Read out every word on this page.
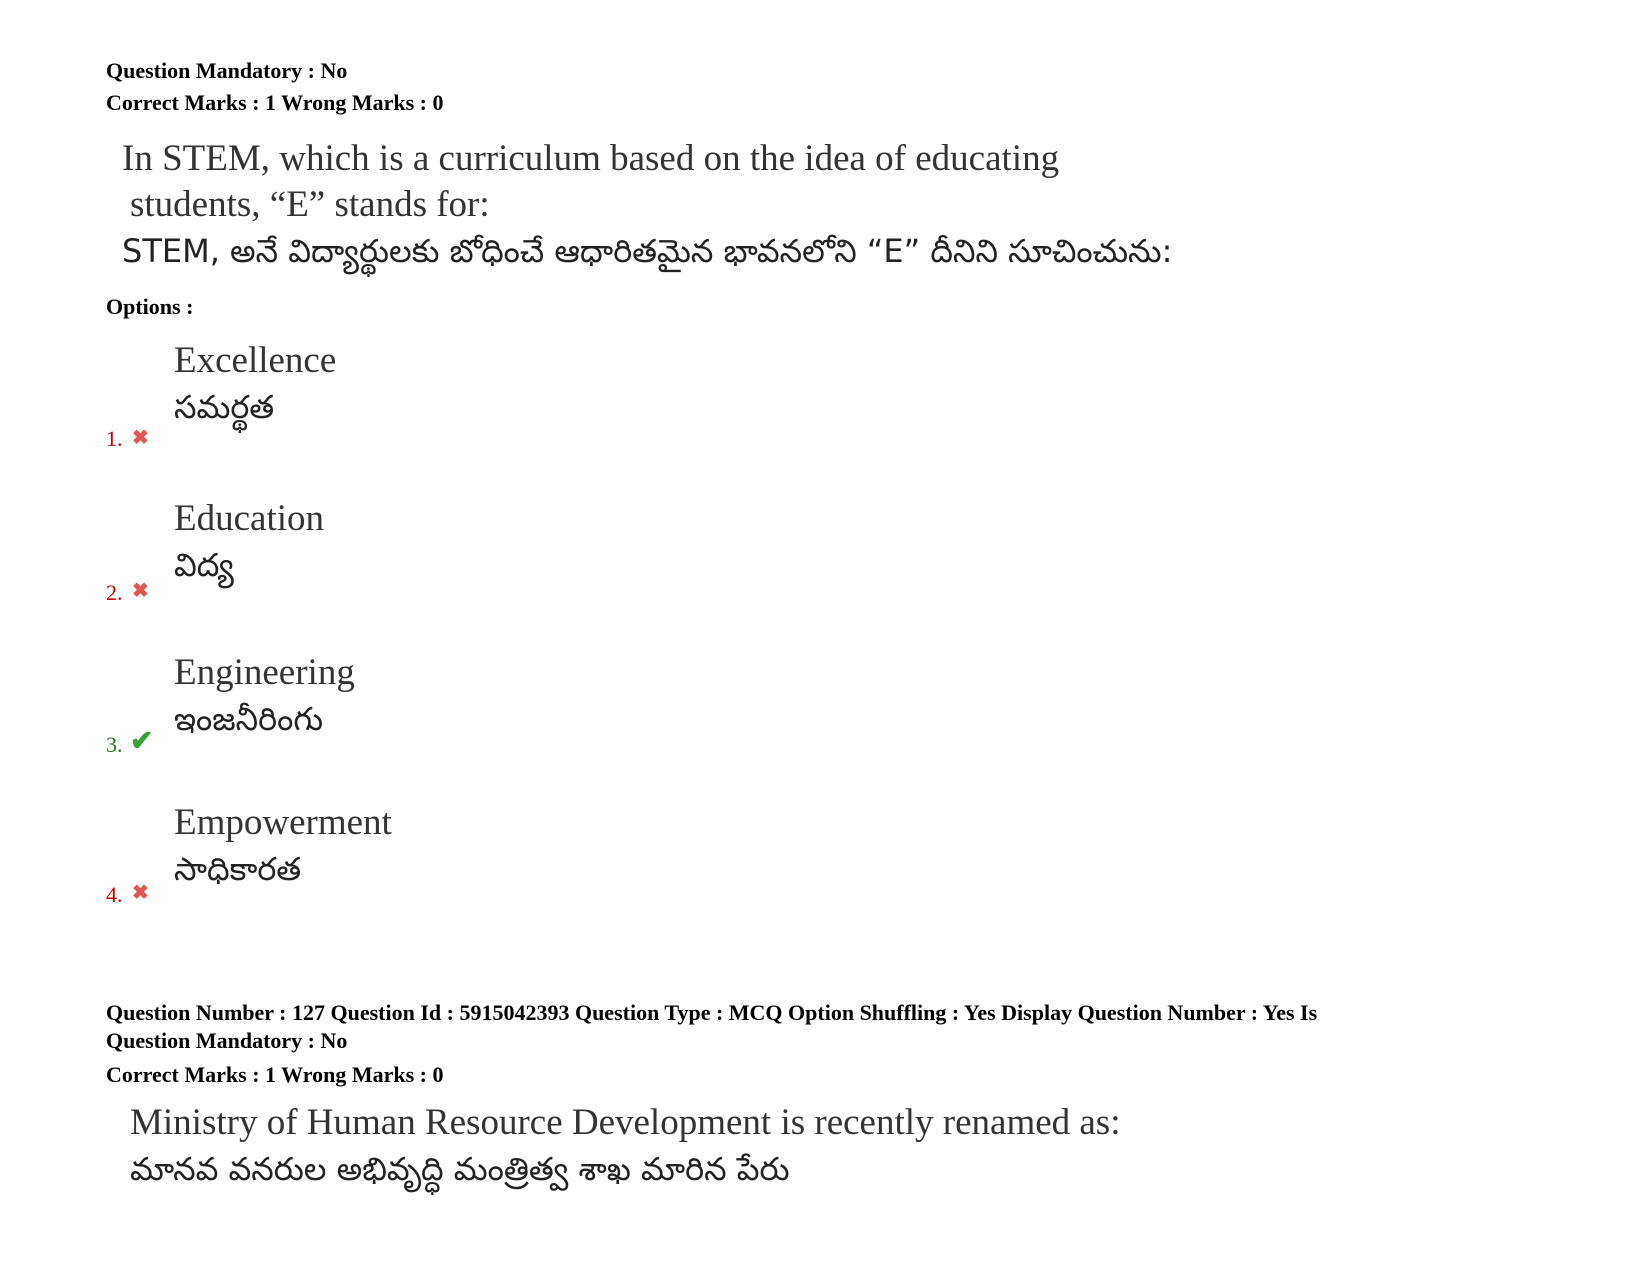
Question Mandatory : No
Correct Marks : 1 Wrong Marks : 0
In STEM, which is a curriculum based on the idea of educating
students, “E” stands for:
STEM, అనే విద్యార్థులకు బోధించే ఆధారితమైన భావనలోని “E” దీనిని సూచించును:
Options :
Excellence
సమర్థత
1. ✖
Education
విద్య
2. ✖
Engineering
ఇంజనీరింగు
3. ✔
Empowerment
సాధికారత
4. ✖
Question Number : 127 Question Id : 5915042393 Question Type : MCQ Option Shuffling : Yes Display Question Number : Yes Is
Question Mandatory : No
Correct Marks : 1 Wrong Marks : 0
Ministry of Human Resource Development is recently renamed as:
మానవ వనరుల అభివృద్ధి మంత్రిత్వ శాఖ మారిన పేరు
